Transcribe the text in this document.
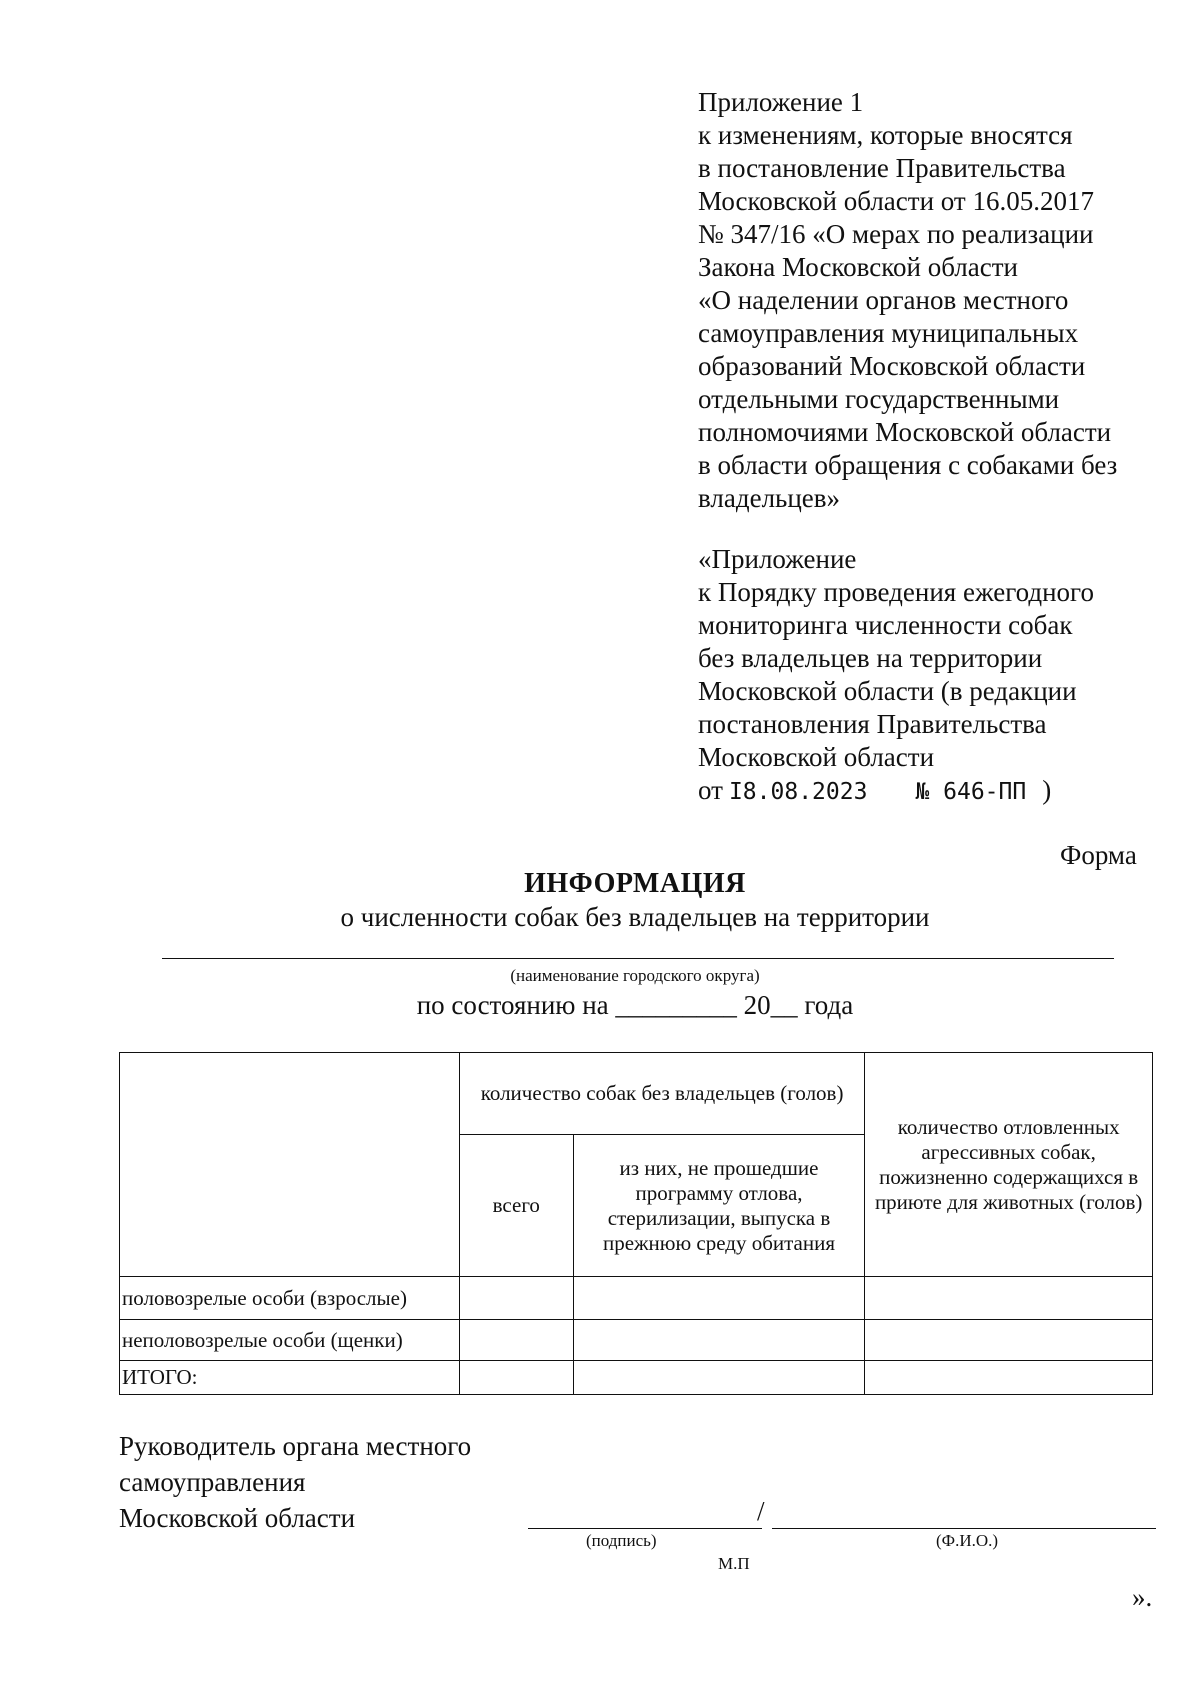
Приложение 1
к изменениям, которые вносятся
в постановление Правительства
Московской области от 16.05.2017
№ 347/16 «О мерах по реализации
Закона Московской области
«О наделении органов местного
самоуправления муниципальных
образований Московской области
отдельными государственными
полномочиями Московской области
в области обращения с собаками без
владельцев»
«Приложение
к Порядку проведения ежегодного
мониторинга численности собак
без владельцев на территории
Московской области (в редакции
постановления Правительства
Московской области
от I8.08.2023 № 646-ПП )
Форма
ИНФОРМАЦИЯ
о численности собак без владельцев на территории
(наименование городского округа)
по состоянию на _________ 20__ года
	количество собак без владельцев (голов)		количество отловленных агрессивных собак, пожизненно содержащихся в приюте для животных (голов)
	всего	из них, не прошедшие программу отлова, стерилизации, выпуска в прежнюю среду обитания	
половозрелые особи (взрослые)			
неполовозрелые особи (щенки)			
ИТОГО:			
Руководитель органа местного
самоуправления
Московской области	/
(подпись)	(Ф.И.О.)
М.П
».
